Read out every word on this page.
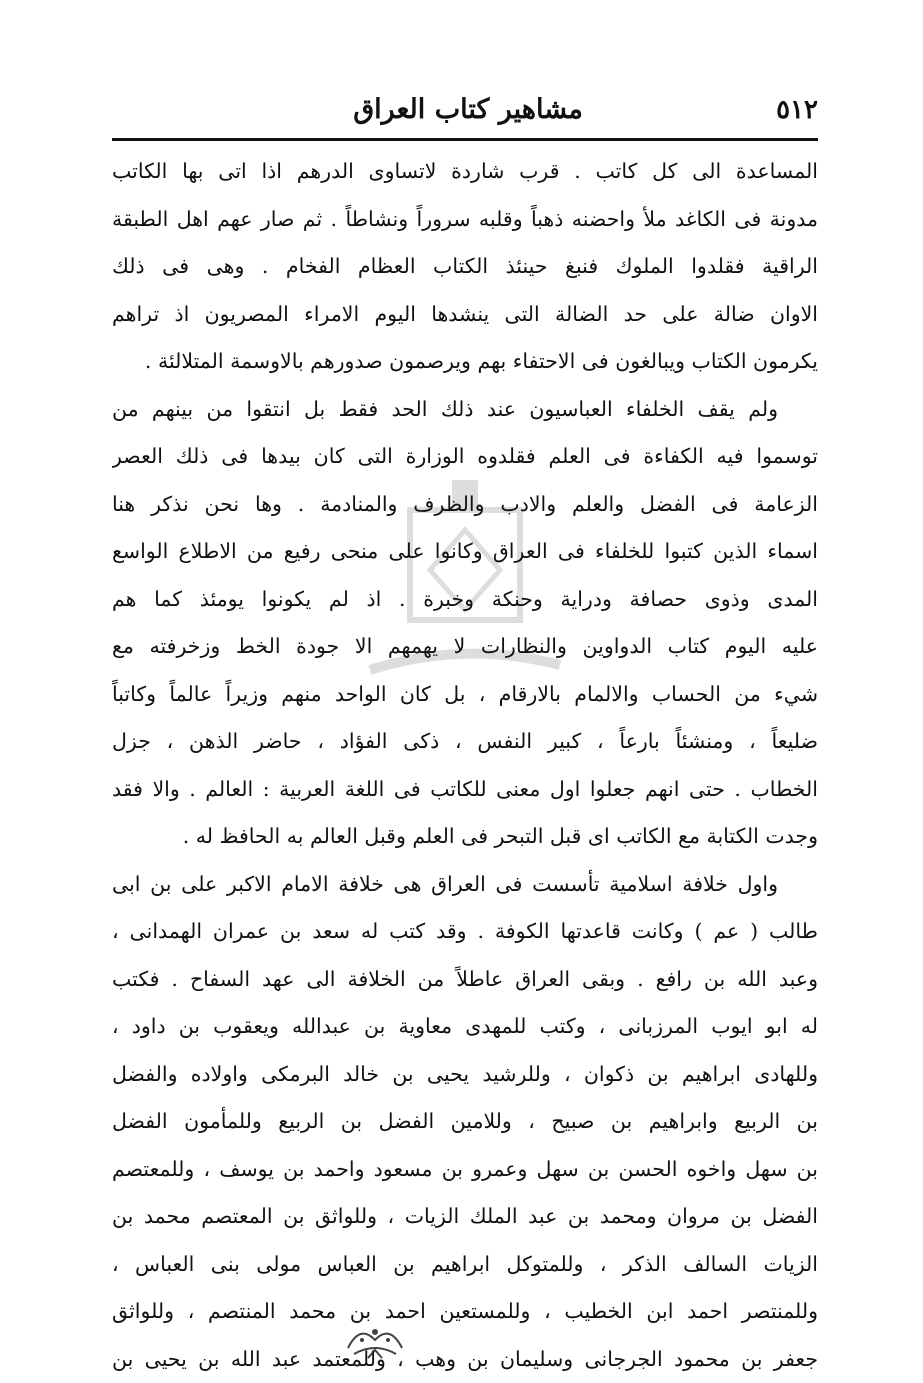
٥١٢
مشاهير كتاب العراق
المساعدة الى كل كاتب . قرب شاردة لاتساوى الدرهم اذا اتى بها الكاتب
مدونة فى الكاغد ملأ واحضنه ذهباً وقلبه سروراً ونشاطاً . ثم صار عهم اهل الطبقة
الراقية فقلدوا الملوك فنبغ حينئذ الكتاب العظام الفخام . وهى فى ذلك
الاوان ضالة على حد الضالة التى ينشدها اليوم الامراء المصريون اذ تراهم
يكرمون الكتاب ويبالغون فى الاحتفاء بهم ويرصمون صدورهم بالاوسمة المتلالئة .
ولم يقف الخلفاء العباسيون عند ذلك الحد فقط بل انتقوا من بينهم من
توسموا فيه الكفاءة فى العلم فقلدوه الوزارة التى كان بيدها فى ذلك العصر
الزعامة فى الفضل والعلم والادب والظرف والمنادمة . وها نحن نذكر هنا
اسماء الذين كتبوا للخلفاء فى العراق وكانوا على منحى رفيع من الاطلاع الواسع
المدى وذوى حصافة ودراية وحنكة وخبرة . اذ لم يكونوا يومئذ كما هم
عليه اليوم كتاب الدواوين والنظارات لا يهمهم الا جودة الخط وزخرفته مع
شيء من الحساب والالمام بالارقام ، بل كان الواحد منهم وزيراً عالماً وكاتباً
ضليعاً ، ومنشئاً بارعاً ، كبير النفس ، ذكى الفؤاد ، حاضر الذهن ، جزل
الخطاب . حتى انهم جعلوا اول معنى للكاتب فى اللغة العربية : العالم . والا فقد
وجدت الكتابة مع الكاتب اى قبل التبحر فى العلم وقبل العالم به الحافظ له .
واول خلافة اسلامية تأسست فى العراق هى خلافة الامام الاكبر على بن ابى
طالب ( عم ) وكانت قاعدتها الكوفة . وقد كتب له سعد بن عمران الهمدانى ،
وعبد الله بن رافع . وبقى العراق عاطلاً من الخلافة الى عهد السفاح . فكتب
له ابو ايوب المرزبانى ، وكتب للمهدى معاوية بن عبدالله ويعقوب بن داود ،
وللهادى ابراهيم بن ذكوان ، وللرشيد يحيى بن خالد البرمكى واولاده والفضل
بن الربيع وابراهيم بن صبيح ، وللامين الفضل بن الربيع وللمأمون الفضل
بن سهل واخوه الحسن بن سهل وعمرو بن مسعود واحمد بن يوسف ، وللمعتصم
الفضل بن مروان ومحمد بن عبد الملك الزيات ، وللواثق بن المعتصم محمد بن
الزيات السالف الذكر ، وللمتوكل ابراهيم بن العباس مولى بنى العباس ،
وللمنتصر احمد ابن الخطيب ، وللمستعين احمد بن محمد المنتصم ، وللواثق
جعفر بن محمود الجرجانى وسليمان بن وهب ، وللمعتمد عبد الله بن يحيى بن
